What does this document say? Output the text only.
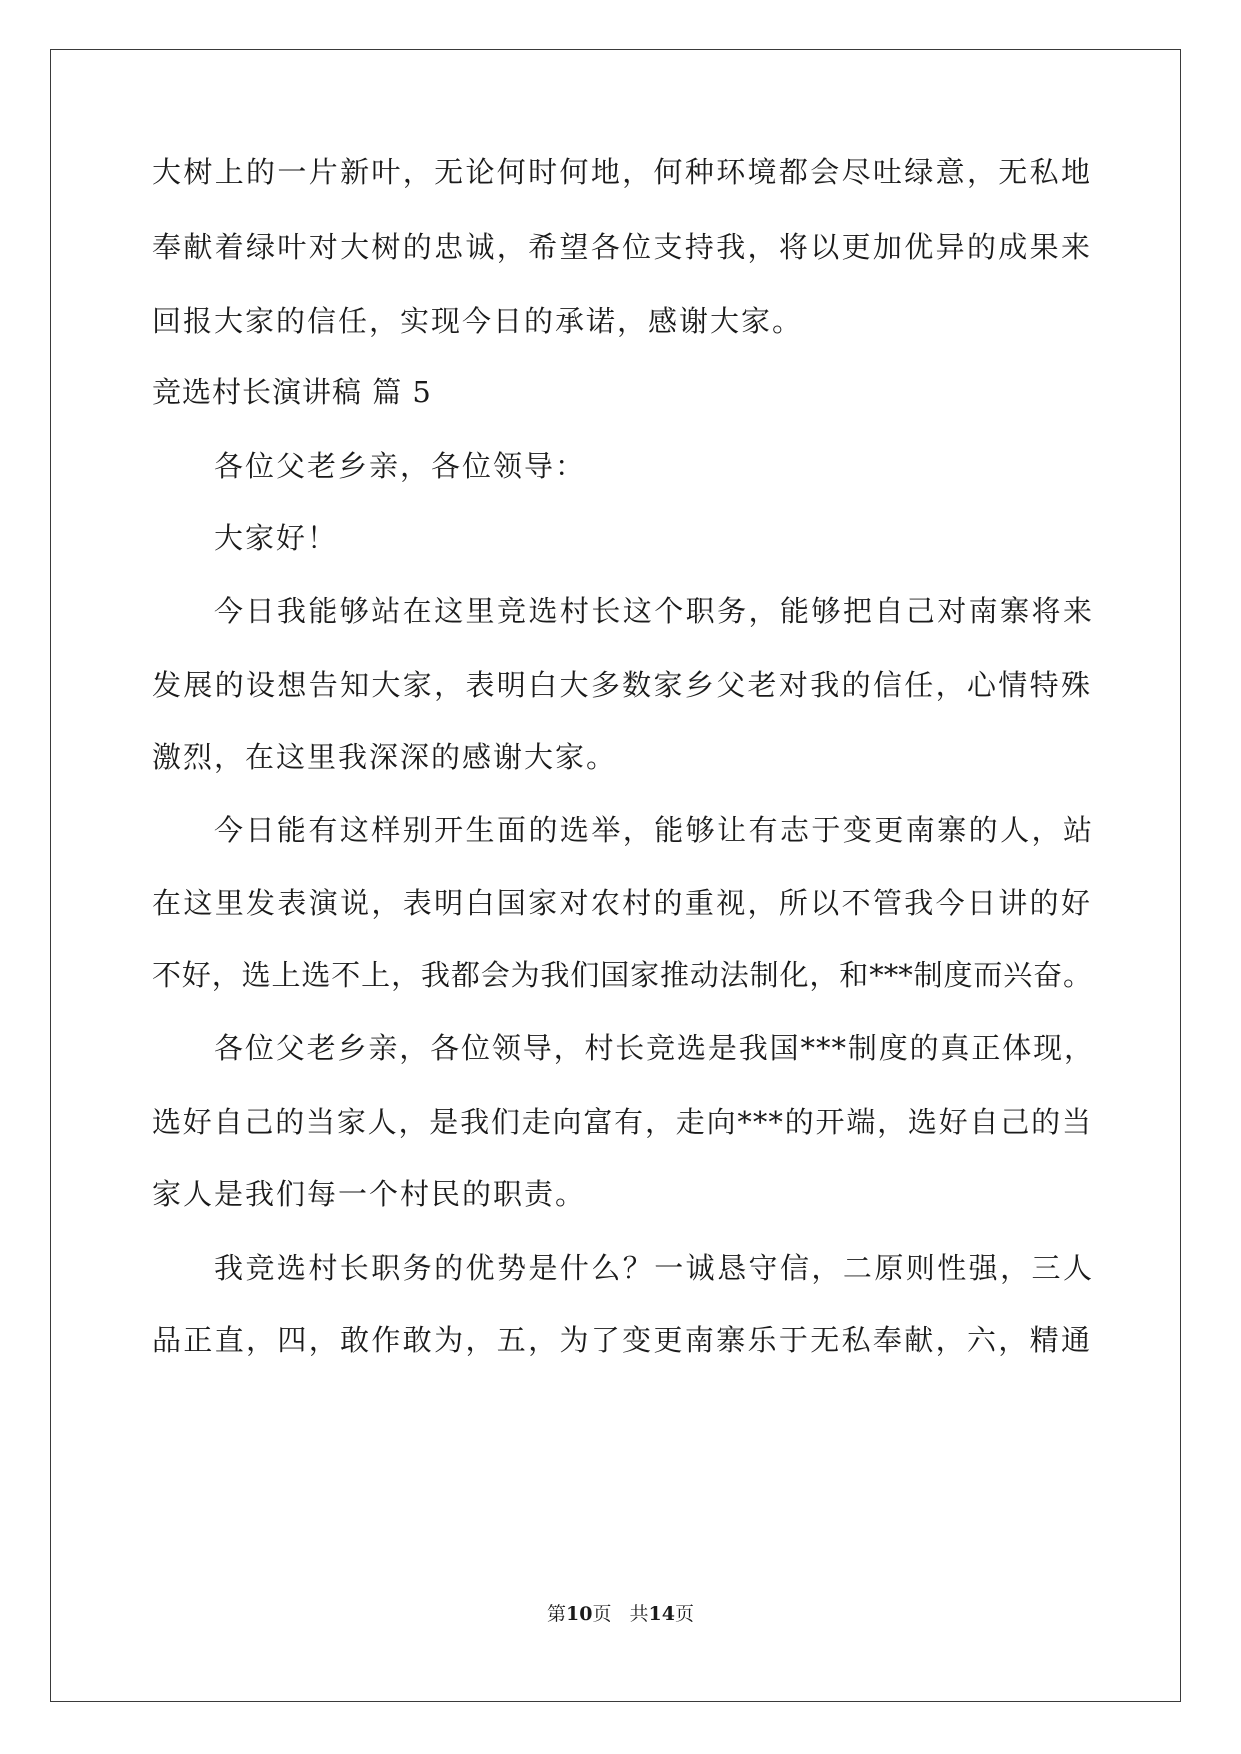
大树上的一片新叶，无论何时何地，何种环境都会尽吐绿意，无私地
奉献着绿叶对大树的忠诚，希望各位支持我，将以更加优异的成果来
回报大家的信任，实现今日的承诺，感谢大家。
竞选村长演讲稿 篇 5
各位父老乡亲，各位领导：
大家好！
今日我能够站在这里竞选村长这个职务，能够把自己对南寨将来
发展的设想告知大家，表明白大多数家乡父老对我的信任，心情特殊
激烈，在这里我深深的感谢大家。
今日能有这样别开生面的选举，能够让有志于变更南寨的人，站
在这里发表演说，表明白国家对农村的重视，所以不管我今日讲的好
不好，选上选不上，我都会为我们国家推动法制化，和***制度而兴奋。
各位父老乡亲，各位领导，村长竞选是我国***制度的真正体现，
选好自己的当家人，是我们走向富有，走向***的开端，选好自己的当
家人是我们每一个村民的职责。
我竞选村长职务的优势是什么？一诚恳守信，二原则性强，三人
品正直，四，敢作敢为，五，为了变更南寨乐于无私奉献，六，精通
第10页 共14页
